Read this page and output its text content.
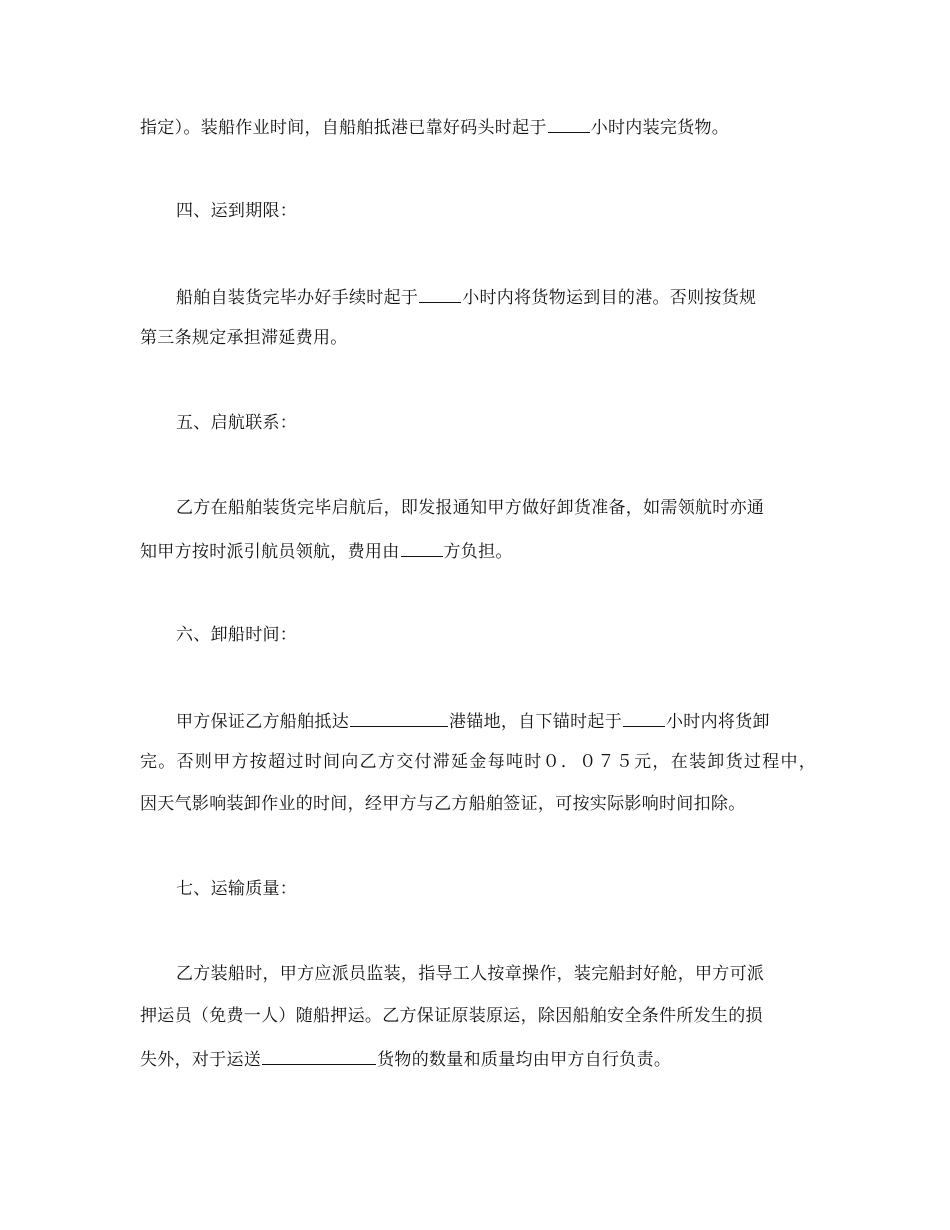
指定）。装船作业时间，自船舶抵港已靠好码头时起于	小时内装完货物。
四、运到期限：
船舶自装货完毕办好手续时起于	小时内将货物运到目的港。否则按货规
第三条规定承担滞延费用。
五、启航联系：
乙方在船舶装货完毕启航后，即发报通知甲方做好卸货准备，如需领航时亦通
知甲方按时派引航员领航，费用由	方负担。
六、卸船时间：
甲方保证乙方船舶抵达	港锚地，自下锚时起于	小时内将货卸
完。否则甲方按超过时间向乙方交付滞延金每吨时０．０７５元，在装卸货过程中，
因天气影响装卸作业的时间，经甲方与乙方船舶签证，可按实际影响时间扣除。
七、运输质量：
乙方装船时，甲方应派员监装，指导工人按章操作，装完船封好舱，甲方可派
押运员（免费一人）随船押运。乙方保证原装原运，除因船舶安全条件所发生的损
失外，对于运送	货物的数量和质量均由甲方自行负责。
